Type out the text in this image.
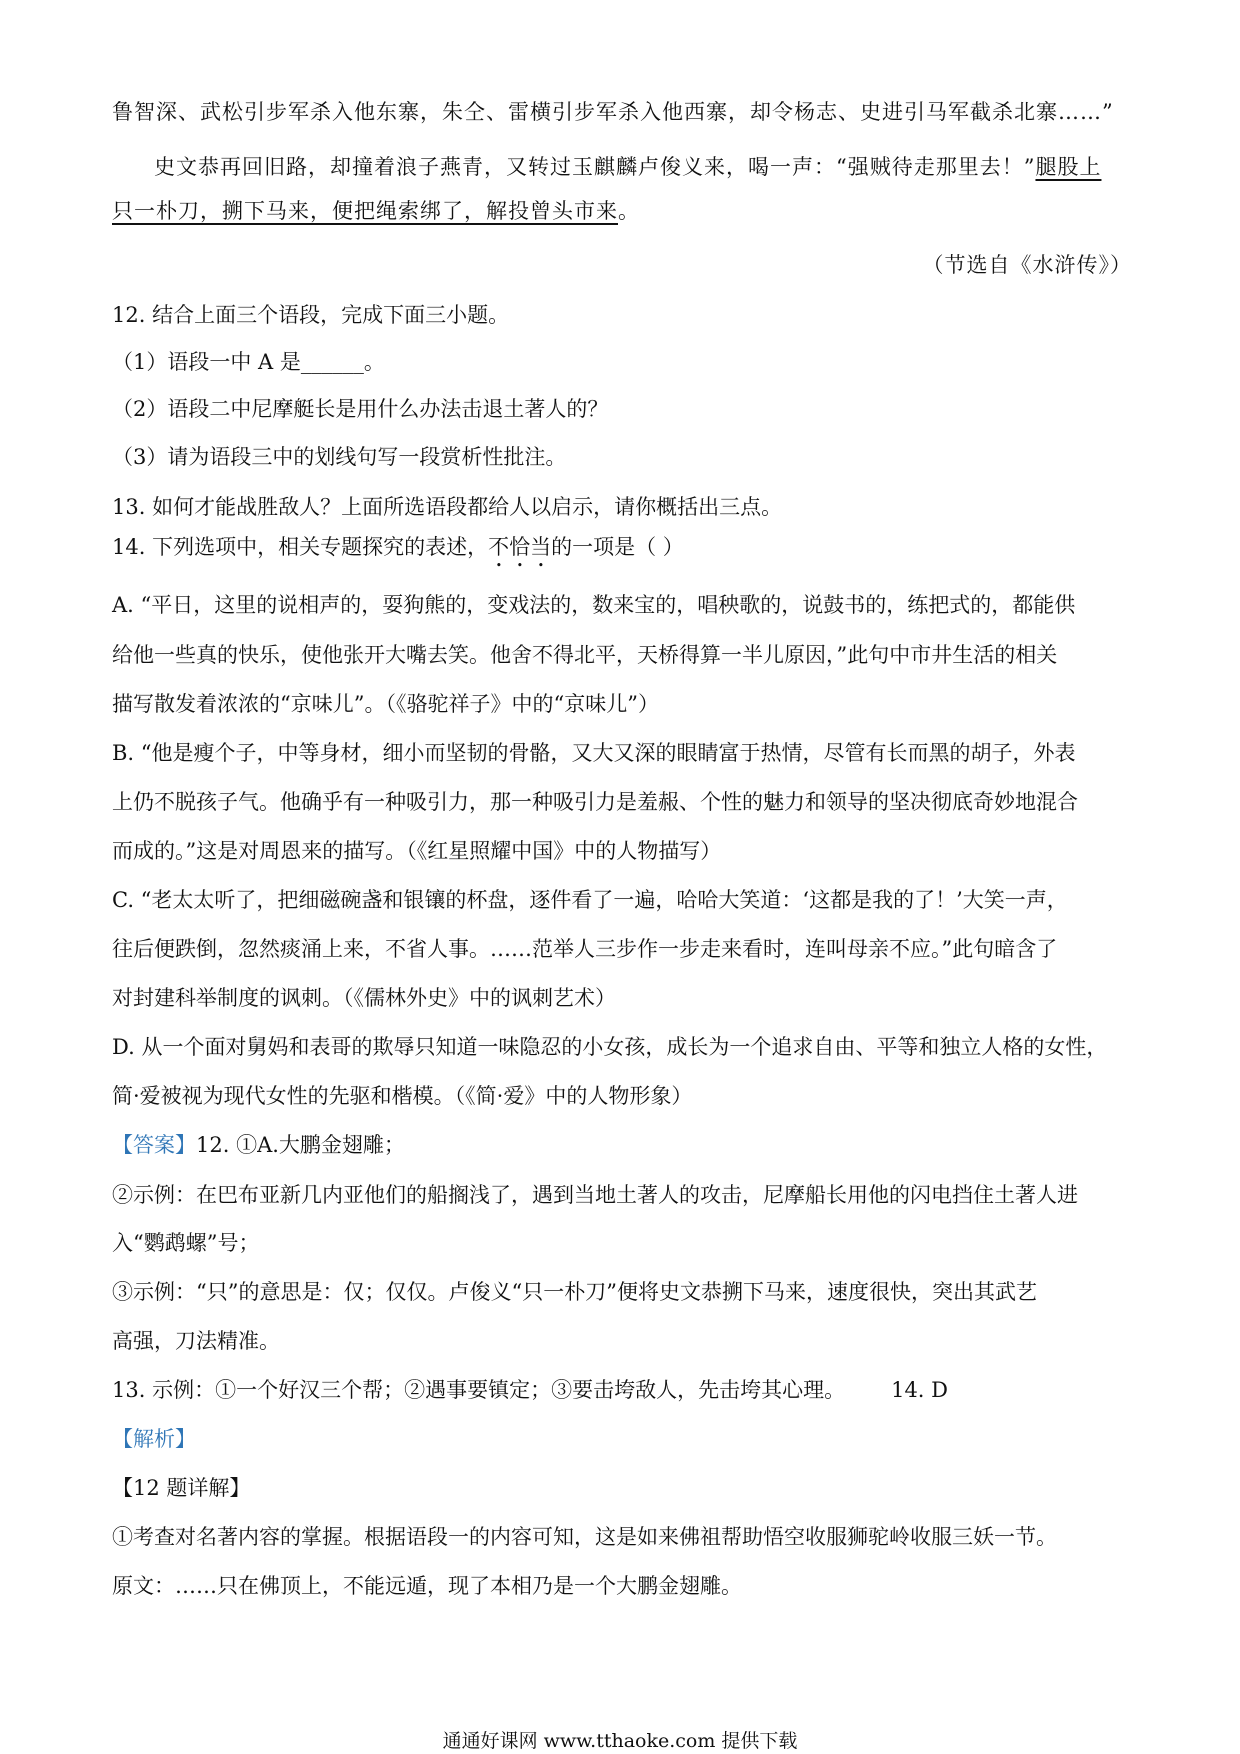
鲁智深、武松引步军杀入他东寨，朱仝、雷横引步军杀入他西寨，却令杨志、史进引马军截杀北寨……”
史文恭再回旧路，却撞着浪子燕青，又转过玉麒麟卢俊义来，喝一声：“强贼待走那里去！”腿股上
只一朴刀，搠下马来，便把绳索绑了，解投曾头市来。
（节选自《水浒传》）
12. 结合上面三个语段，完成下面三小题。
（1）语段一中 A 是______。
（2）语段二中尼摩艇长是用什么办法击退土著人的？
（3）请为语段三中的划线句写一段赏析性批注。
13. 如何才能战胜敌人？上面所选语段都给人以启示，请你概括出三点。
14. 下列选项中，相关专题探究的表述，不恰当的一项是（ ）
A. “平日，这里的说相声的，耍狗熊的，变戏法的，数来宝的，唱秧歌的，说鼓书的，练把式的，都能供
给他一些真的快乐，使他张开大嘴去笑。他舍不得北平，天桥得算一半儿原因，”此句中市井生活的相关
描写散发着浓浓的“京味儿”。（《骆驼祥子》中的“京味儿”）
B. “他是瘦个子，中等身材，细小而坚韧的骨骼，又大又深的眼睛富于热情，尽管有长而黑的胡子，外表
上仍不脱孩子气。他确乎有一种吸引力，那一种吸引力是羞赧、个性的魅力和领导的坚决彻底奇妙地混合
而成的。”这是对周恩来的描写。（《红星照耀中国》中的人物描写）
C. “老太太听了，把细磁碗盏和银镶的杯盘，逐件看了一遍，哈哈大笑道：‘这都是我的了！’大笑一声，
往后便跌倒，忽然痰涌上来，不省人事。……范举人三步作一步走来看时，连叫母亲不应。”此句暗含了
对封建科举制度的讽刺。（《儒林外史》中的讽刺艺术）
D. 从一个面对舅妈和表哥的欺辱只知道一味隐忍的小女孩，成长为一个追求自由、平等和独立人格的女性，
简·爱被视为现代女性的先驱和楷模。（《简·爱》中的人物形象）
【答案】12. ①A.大鹏金翅雕；
②示例：在巴布亚新几内亚他们的船搁浅了，遇到当地土著人的攻击，尼摩船长用他的闪电挡住土著人进
入“鹦鹉螺”号；
③示例：“只”的意思是：仅；仅仅。卢俊义“只一朴刀”便将史文恭搠下马来，速度很快，突出其武艺
高强，刀法精准。
13. 示例：①一个好汉三个帮；②遇事要镇定；③要击垮敌人，先击垮其心理。 14. D
【解析】
【12 题详解】
①考查对名著内容的掌握。根据语段一的内容可知，这是如来佛祖帮助悟空收服狮驼岭收服三妖一节。
原文：……只在佛顶上，不能远遁，现了本相乃是一个大鹏金翅雕。
通通好课网 www.tthaoke.com 提供下载
